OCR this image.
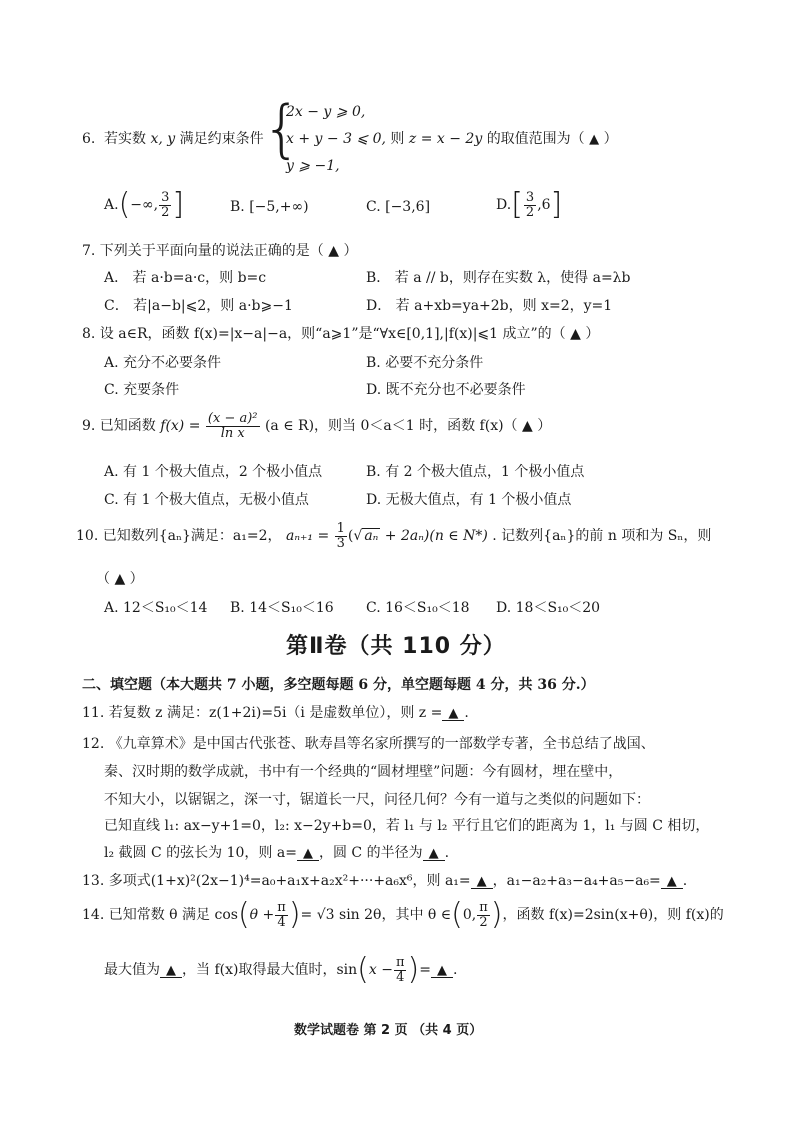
6. 若实数 x, y 满足约束条件
{
2x − y ⩾ 0,
x + y − 3 ⩽ 0, 则 z = x − 2y 的取值范围为（ ▲ ）
y ⩾ −1,
A.(−∞, $\frac{3}{2}$ ]	B. [−5,+∞)	C. [−3,6]	$D.[ \frac{3}{2} ,6]$
7. 下列关于平面向量的说法正确的是（ ▲ ）
A． 若 a·b=a·c，则 b=c	B． 若 a // b，则存在实数 λ，使得 a=λb
C． 若|a−b|⩽2，则 a·b⩾−1	D． 若 a+xb=ya+2b，则 x=2，y=1
8. 设 a∈R，函数 f(x)=|x−a|−a，则“a⩾1”是“∀x∈[0,1],|f(x)|⩽1 成立”的（ ▲ ）
A. 充分不必要条件	B. 必要不充分条件
C. 充要条件	D. 既不充分也不必要条件
9. 已知函数 $f(x) = \frac{\text{(x − a)²}}{\text{ln x}} (a$ ∈ R)，则当 0＜a＜1 时，函数 f(x)（ ▲ ）
A. 有 1 个极大值点，2 个极小值点	B. 有 2 个极大值点，1 个极小值点
C. 有 1 个极大值点，无极小值点	D. 无极大值点，有 1 个极小值点
10. 已知数列{aₙ}满足：a₁=2， $a_{n+1} = \frac{1}{3}$ (√ aₙ + 2aₙ)(n ∈ N*) . 记数列{aₙ}的前 n 项和为 Sₙ，则
（ ▲ ）
A. 12＜S₁₀＜14 B. 14＜S₁₀＜16 C. 16＜S₁₀＜18 D. 18＜S₁₀＜20
第Ⅱ卷（共 110 分）
二、填空题（本大题共 7 小题，多空题每题 6 分，单空题每题 4 分，共 36 分.）
11. 若复数 z 满足：z(1+2i)=5i（i 是虚数单位），则 z = ▲ .
12. 《九章算术》是中国古代张苍、耿寿昌等名家所撰写的一部数学专著，全书总结了战国、
秦、汉时期的数学成就，书中有一个经典的“圆材埋壁”问题：今有圆材，埋在壁中，
不知大小，以锯锯之，深一寸，锯道长一尺，问径几何？今有一道与之类似的问题如下：
已知直线 l₁: ax−y+1=0，l₂: x−2y+b=0，若 l₁ 与 l₂ 平行且它们的距离为 1，l₁ 与圆 C 相切，
l₂ 截圆 C 的弦长为 10，则 a= ▲ ，圆 C 的半径为 ▲ .
13. 多项式(1+x)²(2x−1)⁴=a₀+a₁x+a₂x²+···+a₆x⁶，则 a₁= ▲ ，a₁−a₂+a₃−a₄+a₅−a₆= ▲ .
14. 已知常数 θ 满足 $\cos(\theta + \frac{\pi}{4}$ )= √3 sin 2θ，其中 θ ∈(0, $\frac{\pi}{2}$ )，函数 f(x)=2sin(x+θ)，则 f(x)的
最大值为 ▲ ，当 f(x)取得最大值时，$\sin(x - \frac{\pi}{4}$ )= ▲ .
数学试题卷 第 2 页 （共 4 页）
